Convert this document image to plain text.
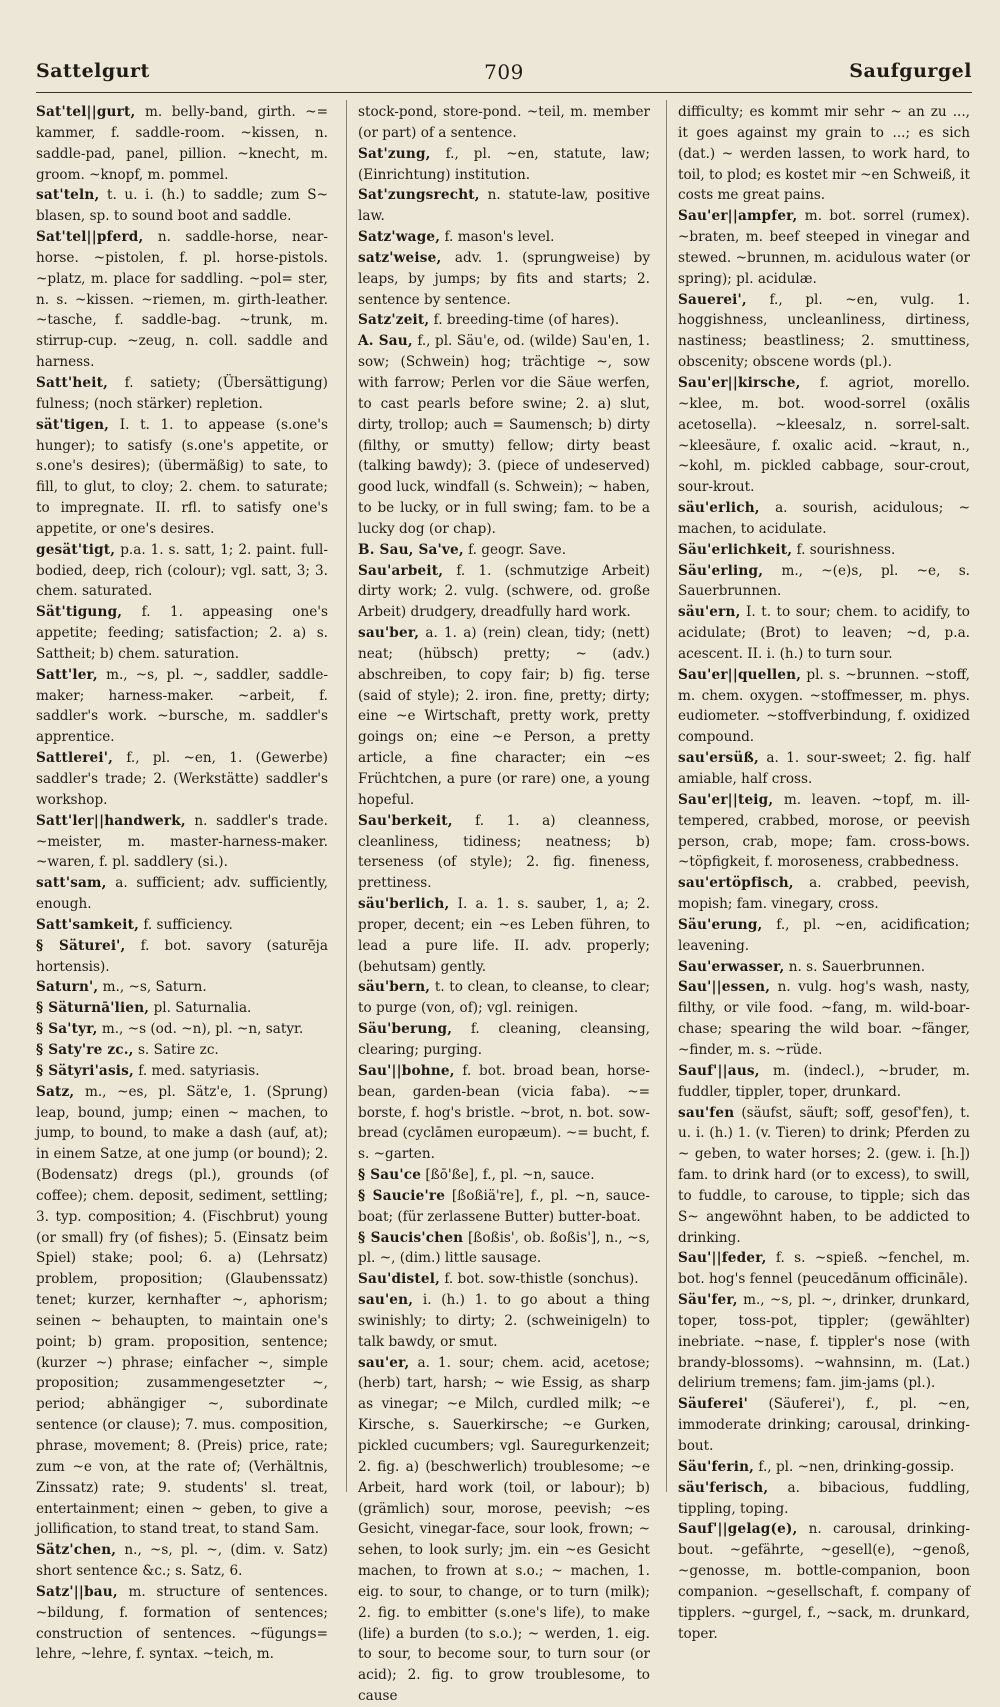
709
Sattelgurt	Saufgurgel

Sat'tel||gurt, m. belly-band, girth. ~= kammer, f. saddle-room. ~kissen, n. saddle-pad, panel, pillion. ~knecht, m. groom. ~knopf, m. pommel.

sat'teln, t. u. i. (h.) to saddle; zum S~ blasen, sp. to sound boot and saddle.

Sat'tel||pferd, n. saddle-horse, near-horse. ~pistolen, f. pl. horse-pistols. ~platz, m. place for saddling. ~pol= ster, n. s. ~kissen. ~riemen, m. girth-leather. ~tasche, f. saddle-bag. ~trunk, m. stirrup-cup. ~zeug, n. coll. saddle and harness.

Satt'heit, f. satiety; (Übersättigung) fulness; (noch stärker) repletion.

sät'tigen, I. t. 1. to appease (s.one's hunger); to satisfy (s.one's appetite, or s.one's desires); (übermäßig) to sate, to fill, to glut, to cloy; 2. chem. to saturate; to impregnate. II. rfl. to satisfy one's appetite, or one's desires.

gesät'tigt, p.a. 1. s. satt, 1; 2. paint. full-bodied, deep, rich (colour); vgl. satt, 3; 3. chem. saturated.

Sät'tigung, f. 1. appeasing one's appetite; feeding; satisfaction; 2. a) s. Sattheit; b) chem. saturation.

Satt'ler, m., ~s, pl. ~, saddler, saddle-maker; harness-maker. ~arbeit, f. saddler's work. ~bursche, m. saddler's apprentice.

Sattlerei', f., pl. ~en, 1. (Gewerbe) saddler's trade; 2. (Werkstätte) saddler's workshop.

Satt'ler||handwerk, n. saddler's trade. ~meister, m. master-harness-maker. ~waren, f. pl. saddlery (si.).

satt'sam, a. sufficient; adv. sufficiently, enough.

Satt'samkeit, f. sufficiency.

§ Säturei', f. bot. savory (saturēja hortensis).

Saturn', m., ~s, Saturn.

§ Säturnā'lien, pl. Saturnalia.

§ Sa'tyr, m., ~s (od. ~n), pl. ~n, satyr.

§ Saty're zc., s. Satire zc.

§ Sätyri'asis, f. med. satyriasis.

Satz, m., ~es, pl. Sätz'e, 1. (Sprung) leap, bound, jump; einen ~ machen, to jump, to bound, to make a dash (auf, at); in einem Satze, at one jump (or bound); 2. (Bodensatz) dregs (pl.), grounds (of coffee); chem. deposit, sediment, settling; 3. typ. composition; 4. (Fischbrut) young (or small) fry (of fishes); 5. (Einsatz beim Spiel) stake; pool; 6. a) (Lehrsatz) problem, proposition; (Glaubenssatz) tenet; kurzer, kernhafter ~, aphorism; seinen ~ behaupten, to maintain one's point; b) gram. proposition, sentence; (kurzer ~) phrase; einfacher ~, simple proposition; zusammengesetzter ~, period; abhängiger ~, subordinate sentence (or clause); 7. mus. composition, phrase, movement; 8. (Preis) price, rate; zum ~e von, at the rate of; (Verhältnis, Zinssatz) rate; 9. students' sl. treat, entertainment; einen ~ geben, to give a jollification, to stand treat, to stand Sam.

Sätz'chen, n., ~s, pl. ~, (dim. v. Satz) short sentence &c.; s. Satz, 6.

Satz'||bau, m. structure of sentences. ~bildung, f. formation of sentences; construction of sentences. ~fügungs= lehre, ~lehre, f. syntax. ~teich, m.

stock-pond, store-pond. ~teil, m. member (or part) of a sentence.

Sat'zung, f., pl. ~en, statute, law; (Einrichtung) institution.

Sat'zungsrecht, n. statute-law, positive law.

Satz'wage, f. mason's level.

satz'weise, adv. 1. (sprungweise) by leaps, by jumps; by fits and starts; 2. sentence by sentence.

Satz'zeit, f. breeding-time (of hares).

A. Sau, f., pl. Säu'e, od. (wilde) Sau'en, 1. sow; (Schwein) hog; trächtige ~, sow with farrow; Perlen vor die Säue werfen, to cast pearls before swine; 2. a) slut, dirty, trollop; auch = Saumensch; b) dirty (filthy, or smutty) fellow; dirty beast (talking bawdy); 3. (piece of undeserved) good luck, windfall (s. Schwein); ~ haben, to be lucky, or in full swing; fam. to be a lucky dog (or chap).

B. Sau, Sa've, f. geogr. Save.

Sau'arbeit, f. 1. (schmutzige Arbeit) dirty work; 2. vulg. (schwere, od. große Arbeit) drudgery, dreadfully hard work.

sau'ber, a. 1. a) (rein) clean, tidy; (nett) neat; (hübsch) pretty; ~ (adv.) abschreiben, to copy fair; b) fig. terse (said of style); 2. iron. fine, pretty; dirty; eine ~e Wirtschaft, pretty work, pretty goings on; eine ~e Person, a pretty article, a fine character; ein ~es Früchtchen, a pure (or rare) one, a young hopeful.

Sau'berkeit, f. 1. a) cleanness, cleanliness, tidiness; neatness; b) terseness (of style); 2. fig. fineness, prettiness.

säu'berlich, I. a. 1. s. sauber, 1, a; 2. proper, decent; ein ~es Leben führen, to lead a pure life. II. adv. properly; (behutsam) gently.

säu'bern, t. to clean, to cleanse, to clear; to purge (von, of); vgl. reinigen.

Säu'berung, f. cleaning, cleansing, clearing; purging.

Sau'||bohne, f. bot. broad bean, horse-bean, garden-bean (vicia faba). ~= borste, f. hog's bristle. ~brot, n. bot. sow-bread (cyclāmen europæum). ~= bucht, f. s. ~garten.

§ Sau'ce [ßō'ße], f., pl. ~n, sauce.

§ Saucie're [ßoßiä're], f., pl. ~n, sauce-boat; (für zerlassene Butter) butter-boat.

§ Saucis'chen [ßoßis', ob. ßoßis'], n., ~s, pl. ~, (dim.) little sausage.

Sau'distel, f. bot. sow-thistle (sonchus).

sau'en, i. (h.) 1. to go about a thing swinishly; to dirty; 2. (schweinigeln) to talk bawdy, or smut.

sau'er, a. 1. sour; chem. acid, acetose; (herb) tart, harsh; ~ wie Essig, as sharp as vinegar; ~e Milch, curdled milk; ~e Kirsche, s. Sauerkirsche; ~e Gurken, pickled cucumbers; vgl. Sauregurkenzeit; 2. fig. a) (beschwerlich) troublesome; ~e Arbeit, hard work (toil, or labour); b) (grämlich) sour, morose, peevish; ~es Gesicht, vinegar-face, sour look, frown; ~ sehen, to look surly; jm. ein ~es Gesicht machen, to frown at s.o.; ~ machen, 1. eig. to sour, to change, or to turn (milk); 2. fig. to embitter (s.one's life), to make (life) a burden (to s.o.); ~ werden, 1. eig. to sour, to become sour, to turn sour (or acid); 2. fig. to grow troublesome, to cause

difficulty; es kommt mir sehr ~ an zu ..., it goes against my grain to ...; es sich (dat.) ~ werden lassen, to work hard, to toil, to plod; es kostet mir ~en Schweiß, it costs me great pains.

Sau'er||ampfer, m. bot. sorrel (rumex). ~braten, m. beef steeped in vinegar and stewed. ~brunnen, m. acidulous water (or spring); pl. acidulæ.

Sauerei', f., pl. ~en, vulg. 1. hoggishness, uncleanliness, dirtiness, nastiness; beastliness; 2. smuttiness, obscenity; obscene words (pl.).

Sau'er||kirsche, f. agriot, morello. ~klee, m. bot. wood-sorrel (oxālis acetosella). ~kleesalz, n. sorrel-salt. ~kleesäure, f. oxalic acid. ~kraut, n., ~kohl, m. pickled cabbage, sour-crout, sour-krout.

säu'erlich, a. sourish, acidulous; ~ machen, to acidulate.

Säu'erlichkeit, f. sourishness.

Säu'erling, m., ~(e)s, pl. ~e, s. Sauerbrunnen.

säu'ern, I. t. to sour; chem. to acidify, to acidulate; (Brot) to leaven; ~d, p.a. acescent. II. i. (h.) to turn sour.

Sau'er||quellen, pl. s. ~brunnen. ~stoff, m. chem. oxygen. ~stoffmesser, m. phys. eudiometer. ~stoffverbindung, f. oxidized compound.

sau'ersüß, a. 1. sour-sweet; 2. fig. half amiable, half cross.

Sau'er||teig, m. leaven. ~topf, m. ill-tempered, crabbed, morose, or peevish person, crab, mope; fam. cross-bows. ~töpfigkeit, f. moroseness, crabbedness.

sau'ertöpfisch, a. crabbed, peevish, mopish; fam. vinegary, cross.

Säu'erung, f., pl. ~en, acidification; leavening.

Sau'erwasser, n. s. Sauerbrunnen.

Sau'||essen, n. vulg. hog's wash, nasty, filthy, or vile food. ~fang, m. wild-boar-chase; spearing the wild boar. ~fänger, ~finder, m. s. ~rüde.

Sauf'||aus, m. (indecl.), ~bruder, m. fuddler, tippler, toper, drunkard.

sau'fen (säufst, säuft; soff, gesof'fen), t. u. i. (h.) 1. (v. Tieren) to drink; Pferden zu ~ geben, to water horses; 2. (gew. i. [h.]) fam. to drink hard (or to excess), to swill, to fuddle, to carouse, to tipple; sich das S~ angewöhnt haben, to be addicted to drinking.

Sau'||feder, f. s. ~spieß. ~fenchel, m. bot. hog's fennel (peucedānum officināle).

Säu'fer, m., ~s, pl. ~, drinker, drunkard, toper, toss-pot, tippler; (gewählter) inebriate. ~nase, f. tippler's nose (with brandy-blossoms). ~wahnsinn, m. (Lat.) delirium tremens; fam. jim-jams (pl.).

Säuferei' (Säuferei'), f., pl. ~en, immoderate drinking; carousal, drinking-bout.

Säu'ferin, f., pl. ~nen, drinking-gossip.

säu'ferisch, a. bibacious, fuddling, tippling, toping.

Sauf'||gelag(e), n. carousal, drinking-bout. ~gefährte, ~gesell(e), ~genoß, ~genosse, m. bottle-companion, boon companion. ~gesellschaft, f. company of tipplers. ~gurgel, f., ~sack, m. drunkard, toper.
